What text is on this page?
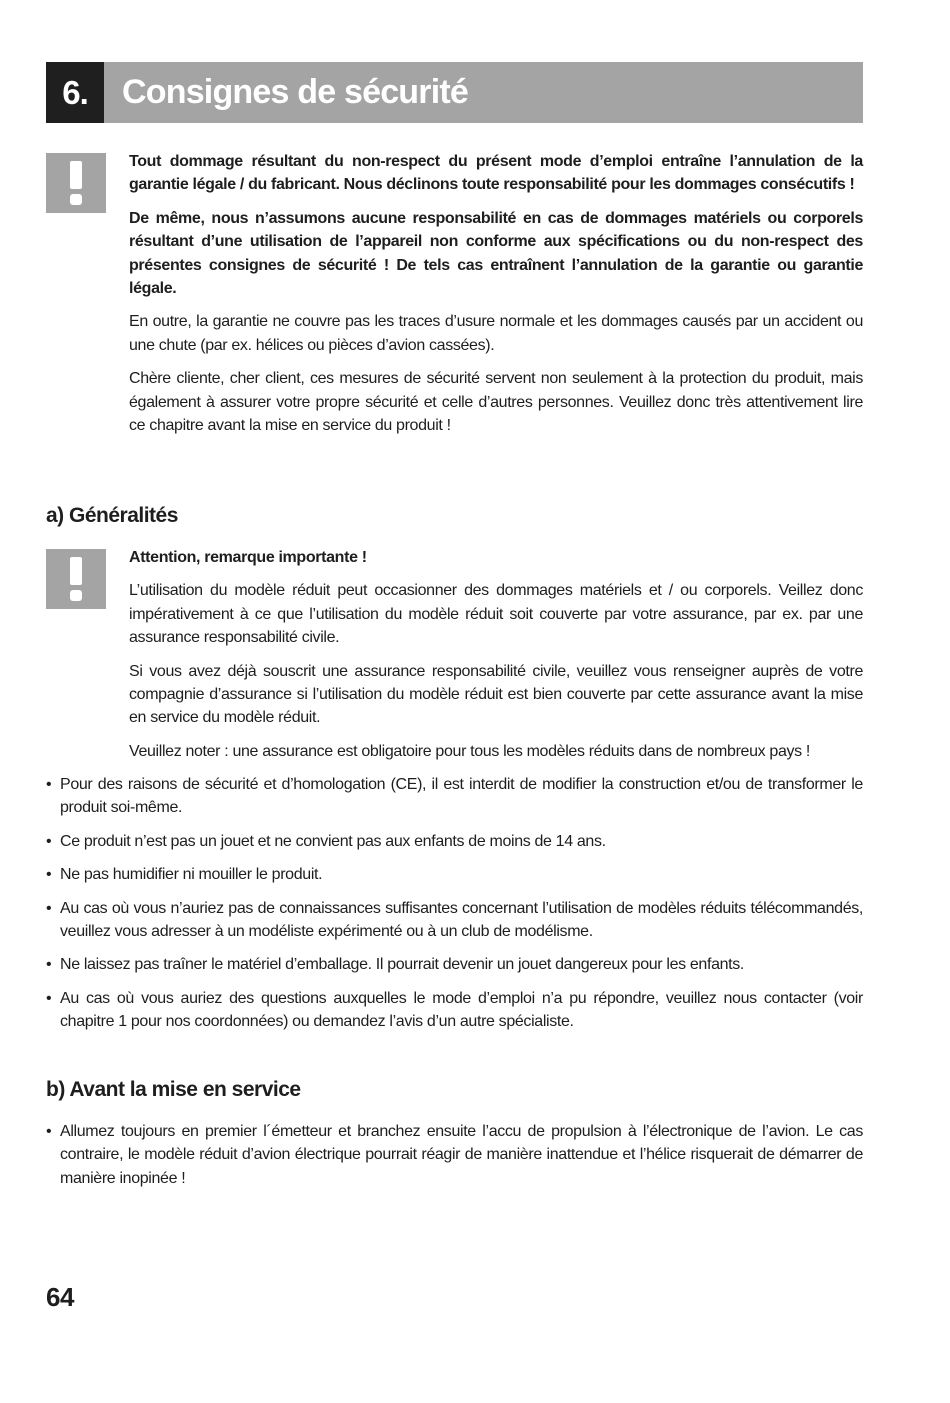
6.	Consignes de sécurité

Tout dommage résultant du non-respect du présent mode d’emploi entraîne l’annulation de la garantie légale / du fabricant. Nous déclinons toute responsabilité pour les dommages consécutifs !

De même, nous n’assumons aucune responsabilité en cas de dommages matériels ou corporels résultant d’une utilisation de l’appareil non conforme aux spécifications ou du non-respect des présentes consignes de sécurité ! De tels cas entraînent l’annulation de la garantie ou garantie légale.

En outre, la garantie ne couvre pas les traces d’usure normale et les dommages causés par un accident ou une chute (par ex. hélices ou pièces d’avion cassées).

Chère cliente, cher client, ces mesures de sécurité servent non seulement à la protection du produit, mais également à assurer votre propre sécurité et celle d’autres personnes. Veuillez donc très attentivement lire ce chapitre avant la mise en service du produit !

a) Généralités

Attention, remarque importante !

L’utilisation du modèle réduit peut occasionner des dommages matériels et / ou corporels. Veillez donc impérativement à ce que l’utilisation du modèle réduit soit couverte par votre assurance, par ex. par une assurance responsabilité civile.

Si vous avez déjà souscrit une assurance responsabilité civile, veuillez vous renseigner auprès de votre compagnie d’assurance si l’utilisation du modèle réduit est bien couverte par cette assurance avant la mise en service du modèle réduit.

Veuillez noter : une assurance est obligatoire pour tous les modèles réduits dans de nombreux pays !

• Pour des raisons de sécurité et d’homologation (CE), il est interdit de modifier la construction et/ou de transformer le produit soi-même.
• Ce produit n’est pas un jouet et ne convient pas aux enfants de moins de 14 ans.
• Ne pas humidifier ni mouiller le produit.
• Au cas où vous n’auriez pas de connaissances suffisantes concernant l’utilisation de modèles réduits télécommandés, veuillez vous adresser à un modéliste expérimenté ou à un club de modélisme.
• Ne laissez pas traîner le matériel d’emballage. Il pourrait devenir un jouet dangereux pour les enfants.
• Au cas où vous auriez des questions auxquelles le mode d’emploi n’a pu répondre, veuillez nous contacter (voir chapitre 1 pour nos coordonnées) ou demandez l’avis d’un autre spécialiste.
b) Avant la mise en service
• Allumez toujours en premier l´émetteur et branchez ensuite l’accu de propulsion à l’électronique de l’avion. Le cas contraire, le modèle réduit d’avion électrique pourrait réagir de manière inattendue et l’hélice risquerait de démarrer de manière inopinée !
64
